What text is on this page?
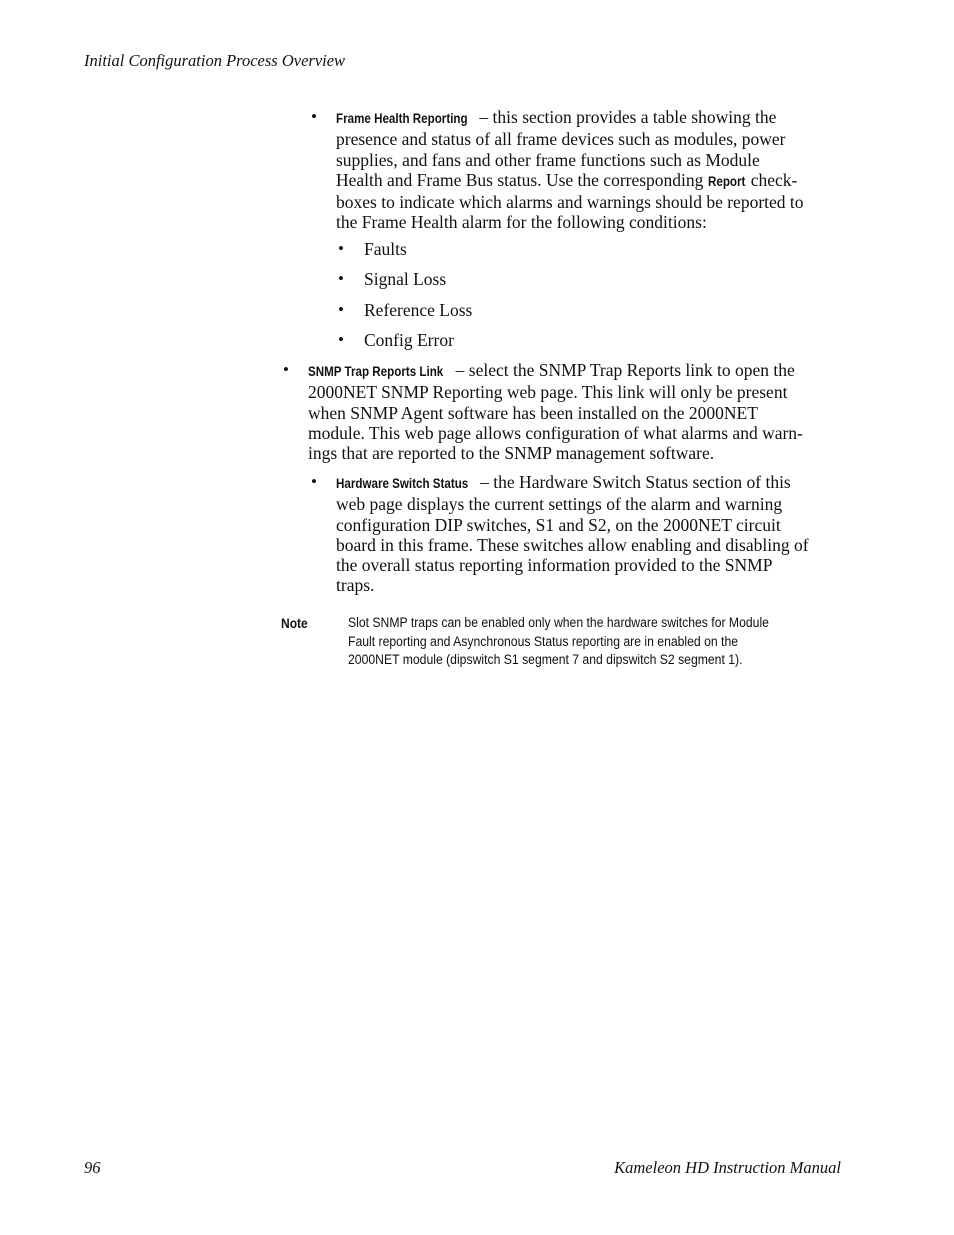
Initial Configuration Process Overview
•	Frame Health Reporting – this section provides a table showing the
presence and status of all frame devices such as modules, power
supplies, and fans and other frame functions such as Module
Health and Frame Bus status. Use the corresponding Report check-
boxes to indicate which alarms and warnings should be reported to
the Frame Health alarm for the following conditions:
•	Faults
•	Signal Loss
•	Reference Loss
•	Config Error
•	SNMP Trap Reports Link – select the SNMP Trap Reports link to open the
2000NET SNMP Reporting web page. This link will only be present
when SNMP Agent software has been installed on the 2000NET
module. This web page allows configuration of what alarms and warn-
ings that are reported to the SNMP management software.
•	Hardware Switch Status – the Hardware Switch Status section of this
web page displays the current settings of the alarm and warning
configuration DIP switches, S1 and S2, on the 2000NET circuit
board in this frame. These switches allow enabling and disabling of
the overall status reporting information provided to the SNMP
traps.
Note	Slot SNMP traps can be enabled only when the hardware switches for Module
Fault reporting and Asynchronous Status reporting are in enabled on the
2000NET module (dipswitch S1 segment 7 and dipswitch S2 segment 1).
96	Kameleon HD Instruction Manual
